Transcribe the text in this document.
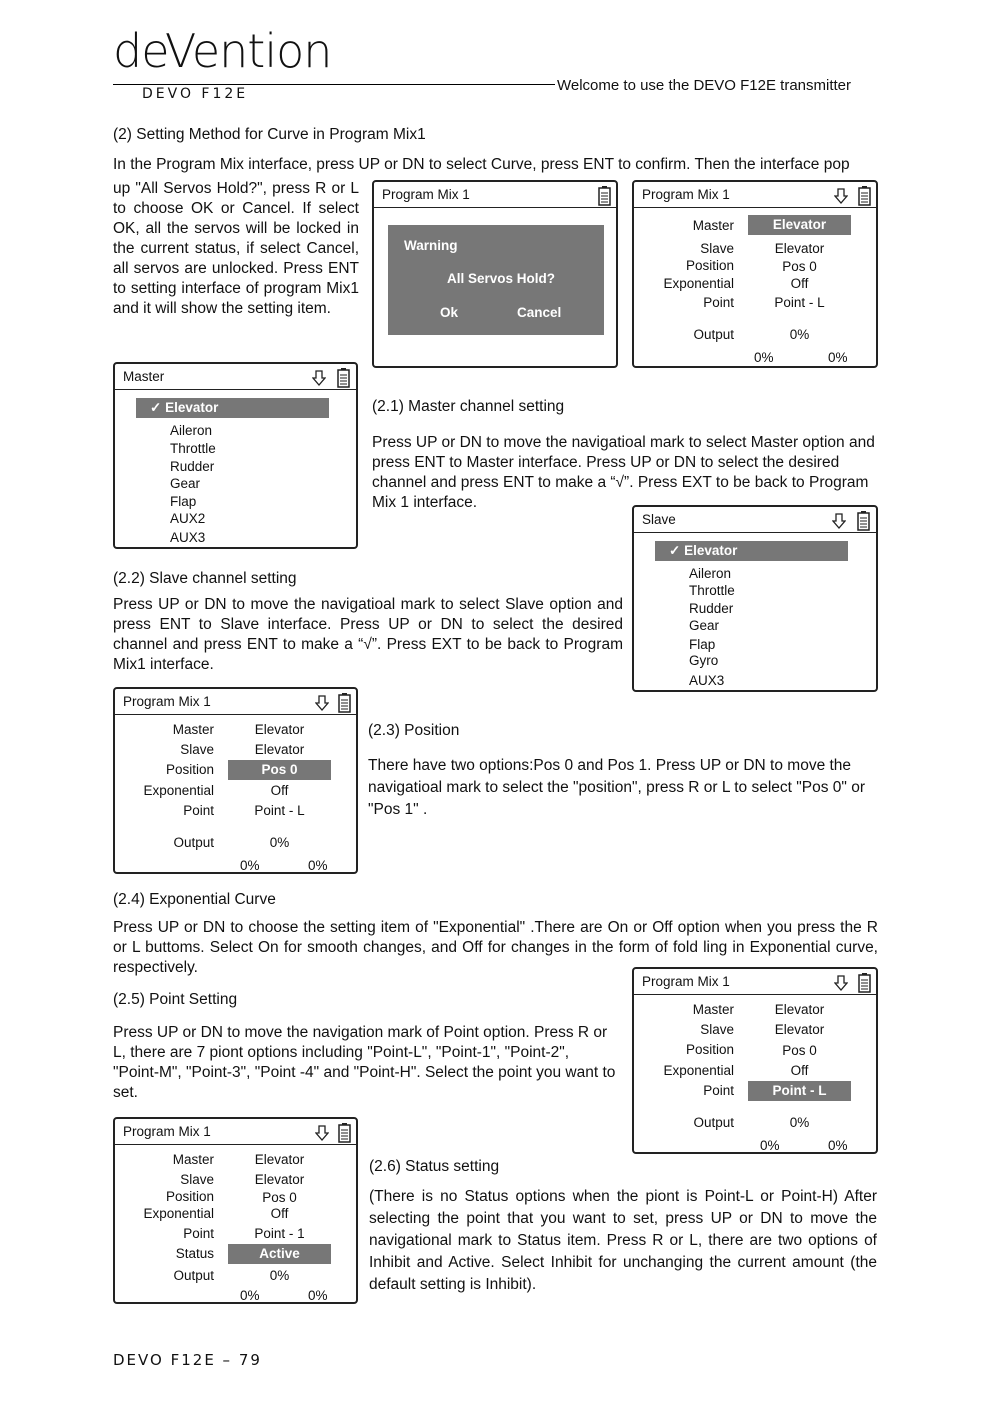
deVention
DEVO F12E	Welcome to use the DEVO F12E transmitter
(2) Setting Method for Curve in Program Mix1
In the Program Mix interface, press UP or DN to select Curve, press ENT to confirm. Then the interface pop
up "All Servos Hold?", press R or L to choose OK or Cancel. If select OK, all the servos will be locked in the current status, if select Cancel, all servos are unlocked. Press ENT to setting interface of program Mix1 and it will show the setting item.
Program Mix 1
Warning
All Servos Hold?
Ok	Cancel
Program Mix 1
Master	Elevator
Slave	Elevator
Position	Pos 0
Exponential	Off
Point	Point - L
Output	0%
0%	0%
Master
✓ Elevator
Aileron
Throttle
Rudder
Gear
Flap
AUX2
AUX3
(2.1) Master channel setting
Press UP or DN to move the navigatioal mark to select Master option and press ENT to Master interface. Press UP or DN to select the desired channel and press ENT to make a “√”. Press EXT to be back to Program Mix 1 interface.
Slave
✓ Elevator
Aileron
Throttle
Rudder
Gear
Flap
Gyro
AUX3
(2.2) Slave channel setting
Press UP or DN to move the navigatioal mark to select Slave option and press ENT to Slave interface. Press UP or DN to select the desired channel and press ENT to make a “√”. Press EXT to be back to Program Mix1 interface.
Program Mix 1
Master	Elevator
Slave	Elevator
Position	Pos 0
Exponential	Off
Point	Point - L
Output	0%
0%	0%
(2.3) Position
There have two options:Pos 0 and Pos 1. Press UP or DN to move the navigatioal mark to select the "position", press R or L to select "Pos 0" or "Pos 1" .
(2.4) Exponential Curve
Press UP or DN to choose the setting item of "Exponential" .There are On or Off option when you press the R or L buttoms. Select On for smooth changes, and Off for changes in the form of fold ling in Exponential curve, respectively.
(2.5) Point Setting
Press UP or DN to move the navigation mark of Point option. Press R or L, there are 7 piont options including "Point-L", "Point-1", "Point-2", "Point-M", "Point-3", "Point -4" and "Point-H". Select the point you want to set.
Program Mix 1
Master	Elevator
Slave	Elevator
Position	Pos 0
Exponential	Off
Point	Point - L
Output	0%
0%	0%
Program Mix 1
Master	Elevator
Slave	Elevator
Position	Pos 0
Exponential	Off
Point	Point - 1
Status	Active
Output	0%
0%	0%
(2.6) Status setting
(There is no Status options when the piont is Point-L or Point-H) After selecting the point that you want to set, press UP or DN to move the navigational mark to Status item. Press R or L, there are two options of Inhibit and Active. Select Inhibit for unchanging the current amount (the default setting is Inhibit).
DEVO F12E – 79
